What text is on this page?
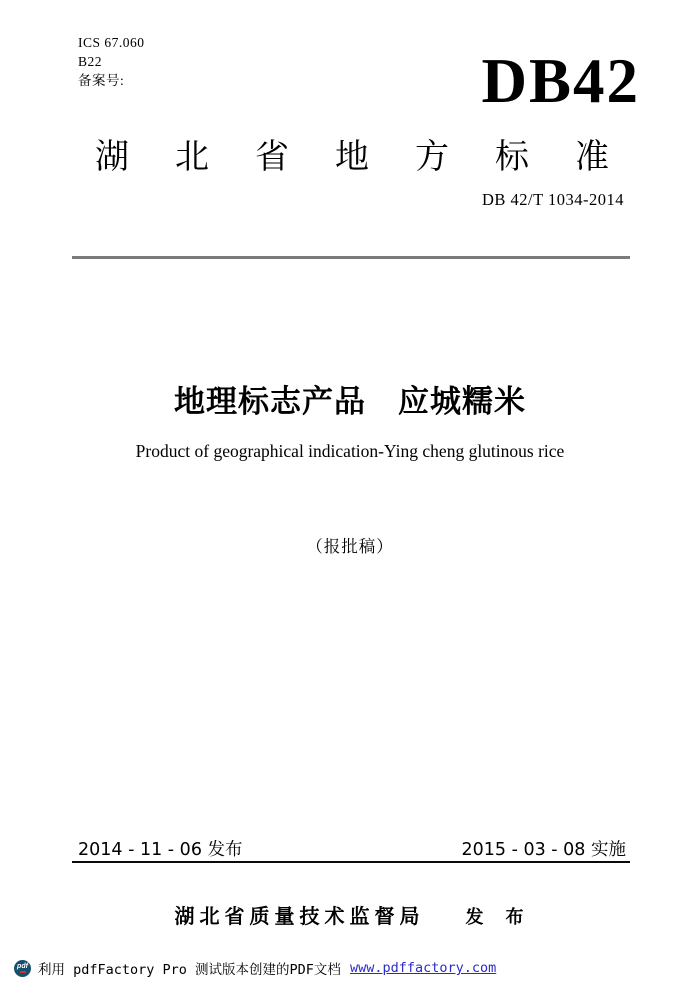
ICS 67.060
B22
备案号:	DB42
湖 北 省 地 方 标 准
DB 42/T 1034-2014
地理标志产品　应城糯米
Product of geographical indication-Ying cheng glutinous rice
（报批稿）
2014 - 11 - 06 发布	2015 - 03 - 08 实施
湖北省质量技术监督局 发　布
pdf 利用 pdfFactory Pro 测试版本创建的PDF文档 www.pdffactory.com
